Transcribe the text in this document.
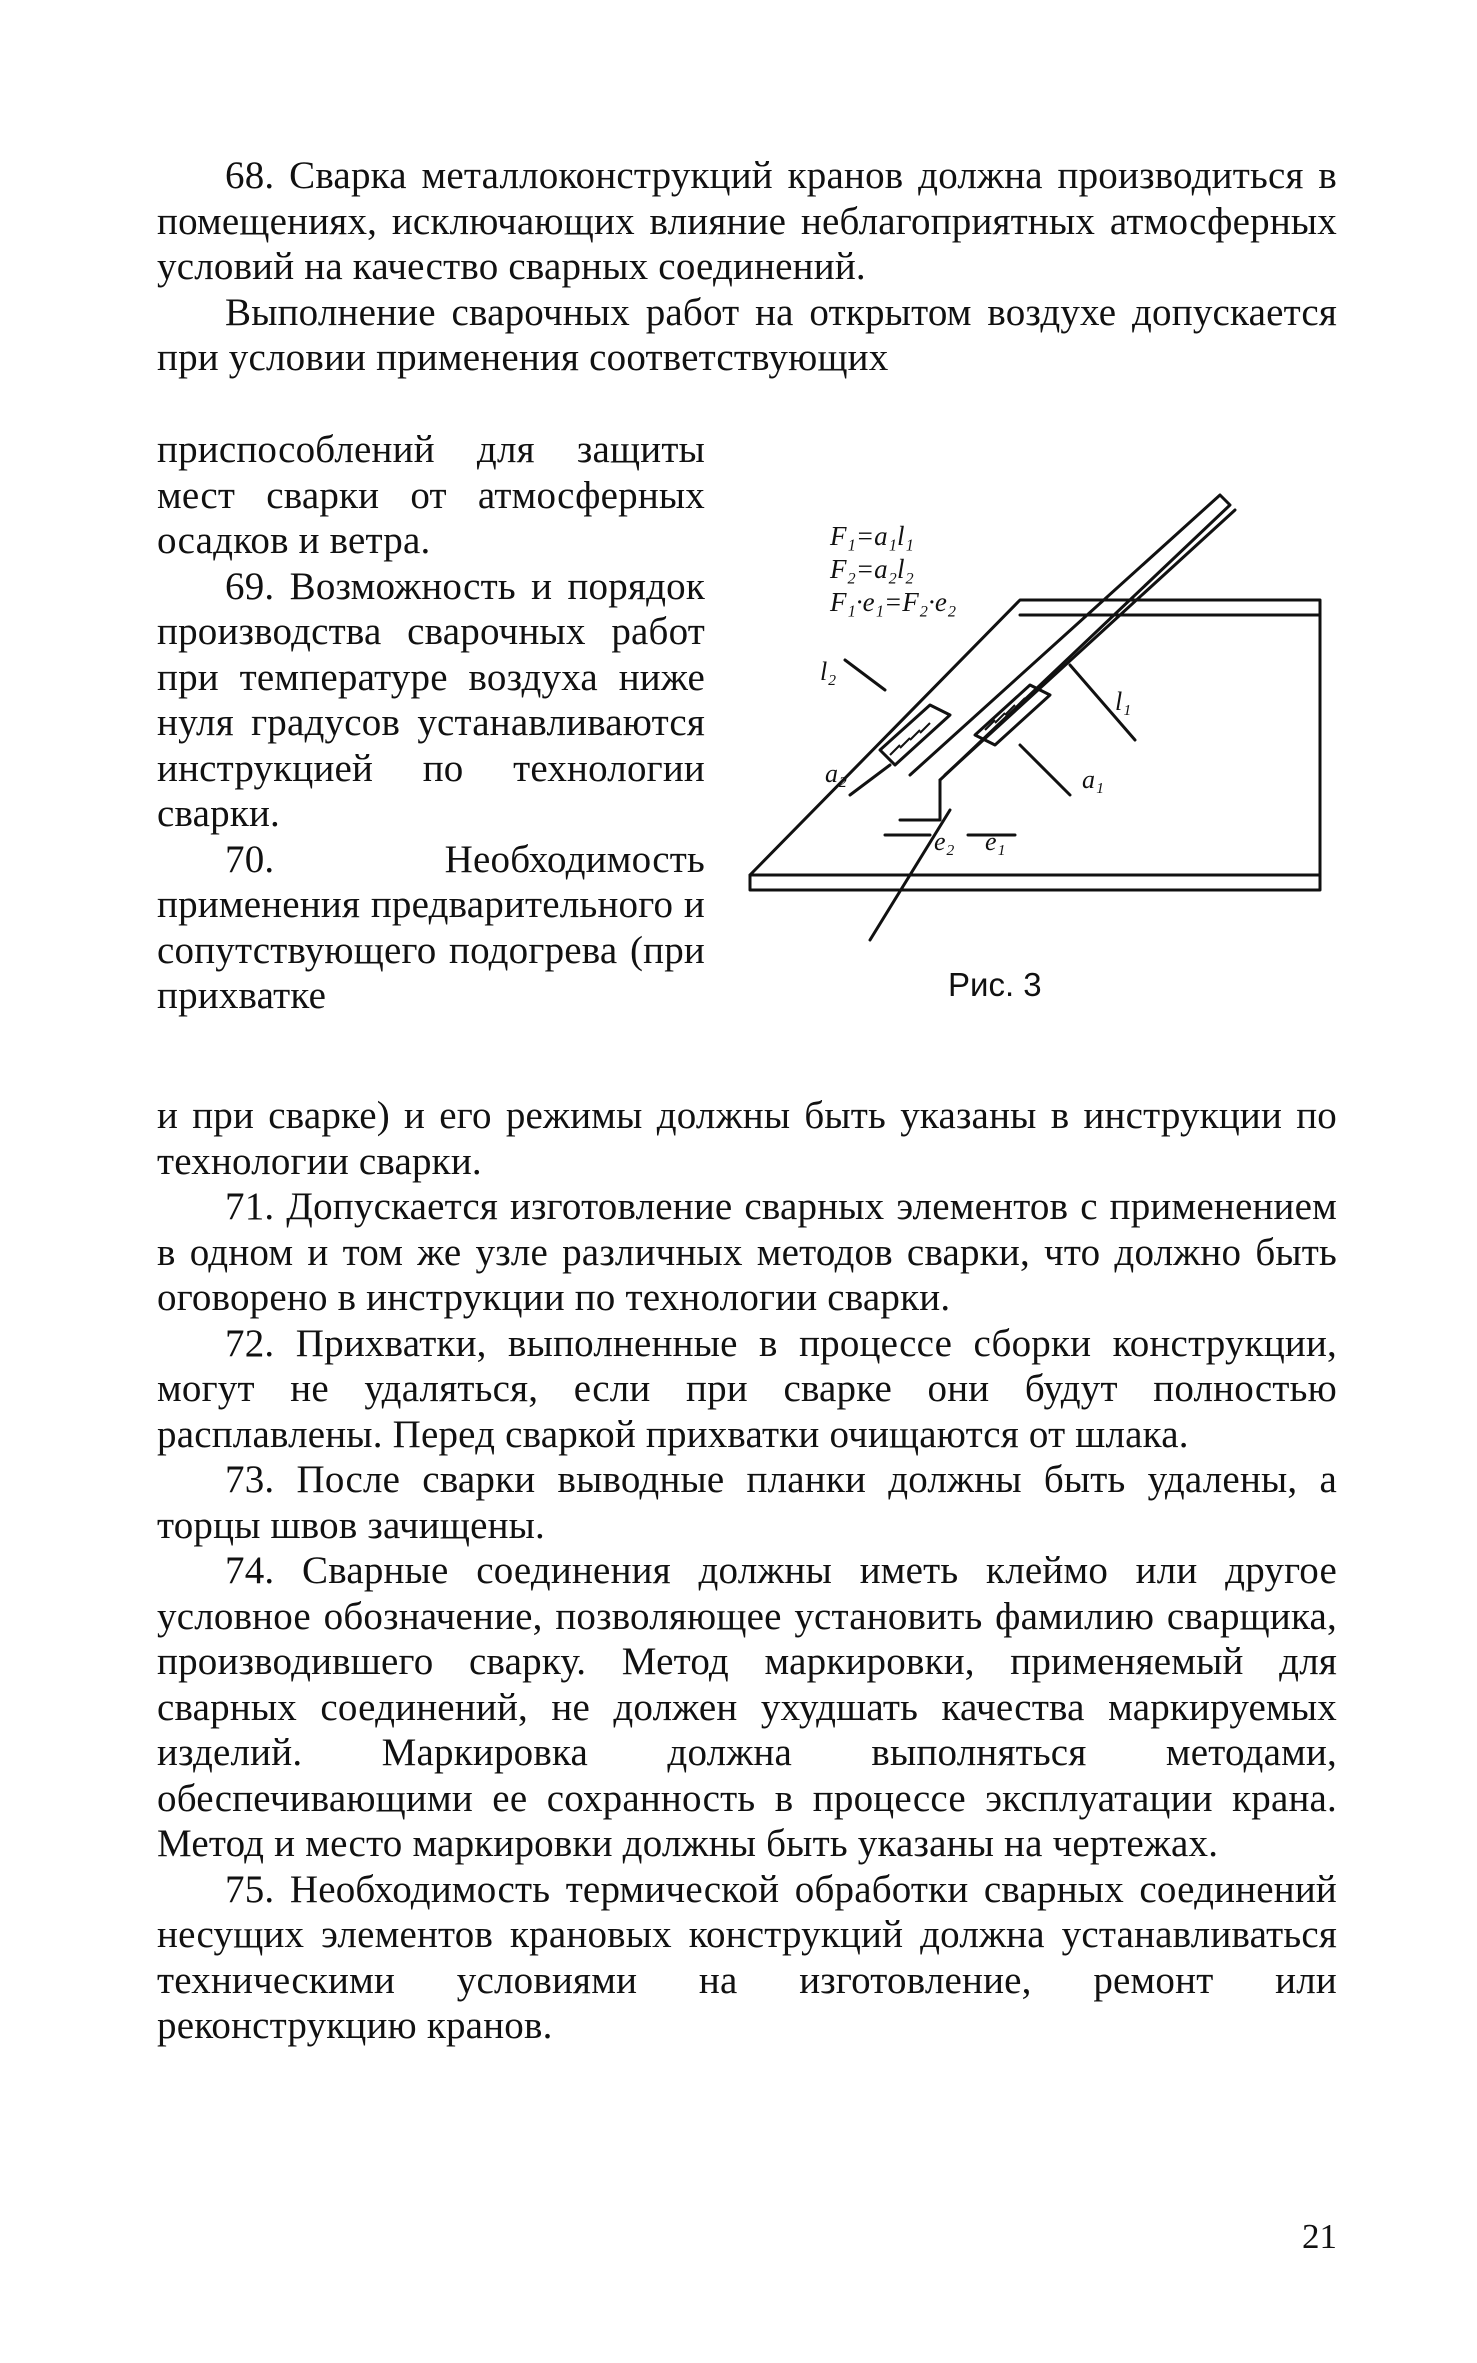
68. Сварка металлоконструкций кранов должна производиться в помещениях, исключающих влияние неблагоприятных атмосферных условий на качество сварных соединений.

Выполнение сварочных работ на открытом воздухе допускается при условии применения соответствующих

приспособлений для защиты мест сварки от атмосферных осадков и ветра.

69. Возможность и порядок производства сварочных работ при температуре воздуха ниже нуля градусов устанавливаются инструкцией по технологии сварки.

70. Необходимость применения предварительного и сопутствующего подогрева (при прихватке

F₁=a₁l₁
F₂=a₂l₂
F₁·e₁=F₂·e₂
l₂
a₂
e₂ e₁
l₁
a₁
Рис. 3

и при сварке) и его режимы должны быть указаны в инструкции по технологии сварки.

71. Допускается изготовление сварных элементов с применением в одном и том же узле различных методов сварки, что должно быть оговорено в инструкции по технологии сварки.

72. Прихватки, выполненные в процессе сборки конструкции, могут не удаляться, если при сварке они будут полностью расплавлены. Перед сваркой прихватки очищаются от шлака.

73. После сварки выводные планки должны быть удалены, а торцы швов зачищены.

74. Сварные соединения должны иметь клеймо или другое условное обозначение, позволяющее установить фамилию сварщика, производившего сварку. Метод маркировки, применяемый для сварных соединений, не должен ухудшать качества маркируемых изделий. Маркировка должна выполняться методами, обеспечивающими ее сохранность в процессе эксплуатации крана. Метод и место маркировки должны быть указаны на чертежах.

75. Необходимость термической обработки сварных соединений несущих элементов крановых конструкций должна устанавливаться техническими условиями на изготовление, ремонт или реконструкцию кранов.

21
